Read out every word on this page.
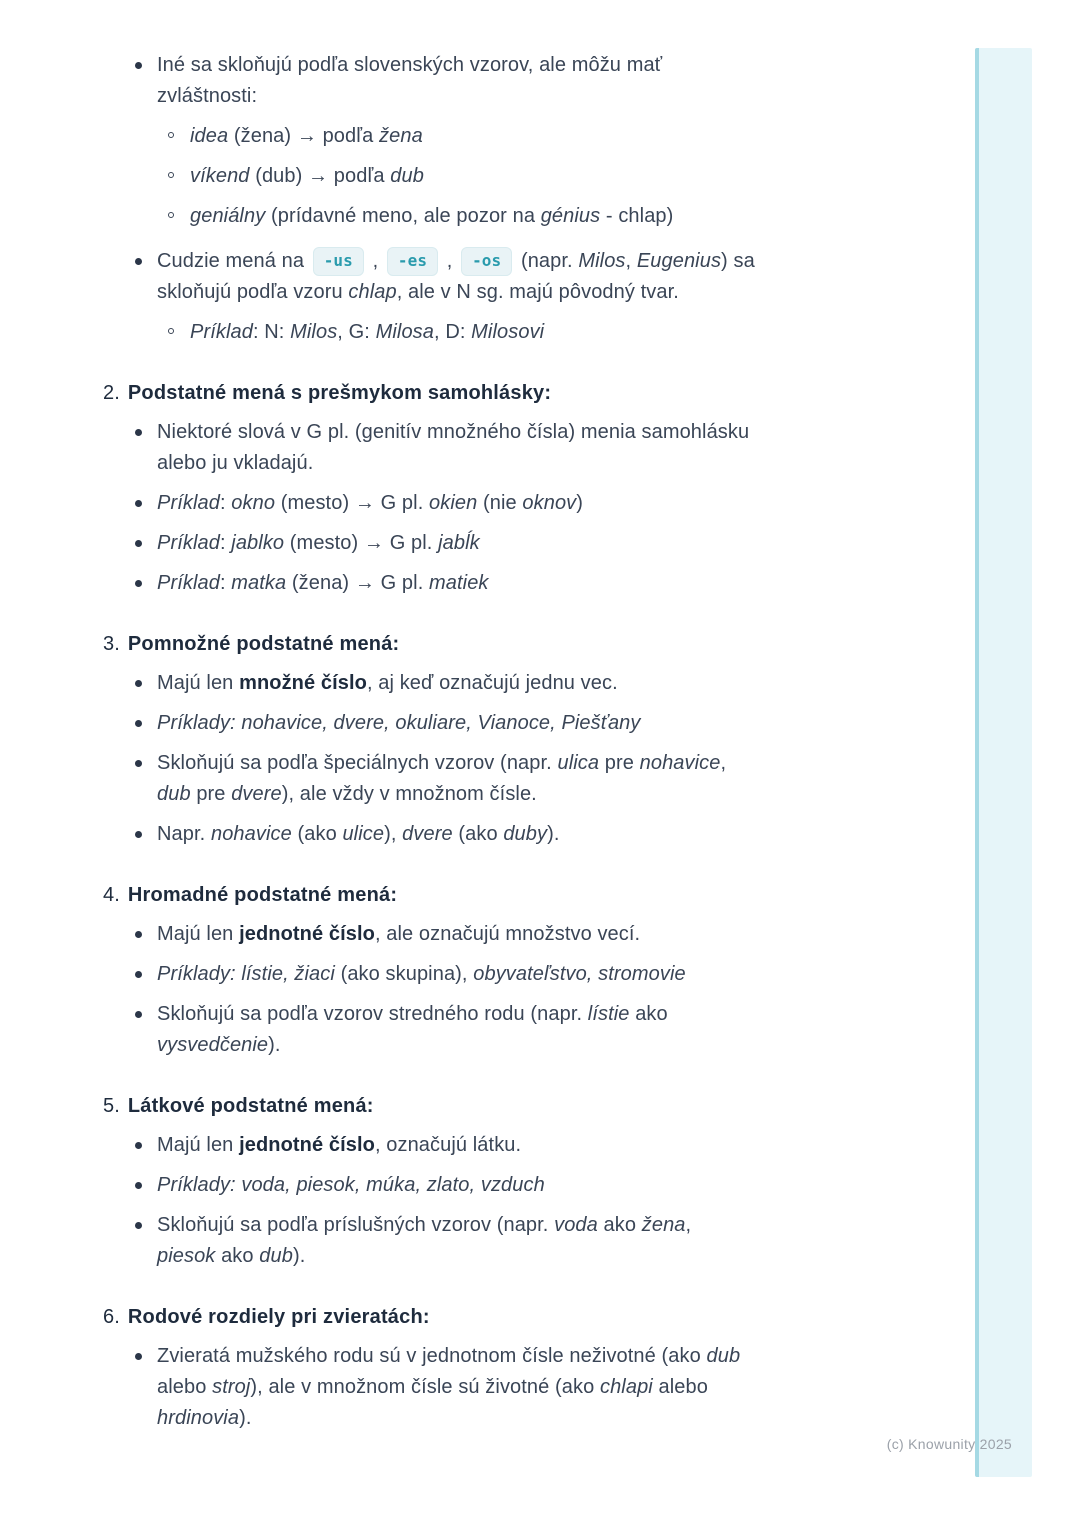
Iné sa skloňujú podľa slovenských vzorov, ale môžu mať
zvláštnosti:
idea (žena) → podľa žena
víkend (dub) → podľa dub
geniálny (prídavné meno, ale pozor na génius - chlap)
Cudzie mená na -us , -es , -os (napr. Milos, Eugenius) sa
skloňujú podľa vzoru chlap, ale v N sg. majú pôvodný tvar.
Príklad: N: Milos, G: Milosa, D: Milosovi
2. Podstatné mená s prešmykom samohlásky:
Niektoré slová v G pl. (genitív množného čísla) menia samohlásku
alebo ju vkladajú.
Príklad: okno (mesto) → G pl. okien (nie oknov)
Príklad: jablko (mesto) → G pl. jabĺk
Príklad: matka (žena) → G pl. matiek
3. Pomnožné podstatné mená:
Majú len množné číslo, aj keď označujú jednu vec.
Príklady: nohavice, dvere, okuliare, Vianoce, Piešťany
Skloňujú sa podľa špeciálnych vzorov (napr. ulica pre nohavice,
dub pre dvere), ale vždy v množnom čísle.
Napr. nohavice (ako ulice), dvere (ako duby).
4. Hromadné podstatné mená:
Majú len jednotné číslo, ale označujú množstvo vecí.
Príklady: lístie, žiaci (ako skupina), obyvateľstvo, stromovie
Skloňujú sa podľa vzorov stredného rodu (napr. lístie ako
vysvedčenie).
5. Látkové podstatné mená:
Majú len jednotné číslo, označujú látku.
Príklady: voda, piesok, múka, zlato, vzduch
Skloňujú sa podľa príslušných vzorov (napr. voda ako žena,
piesok ako dub).
6. Rodové rozdiely pri zvieratách:
Zvieratá mužského rodu sú v jednotnom čísle neživotné (ako dub
alebo stroj), ale v množnom čísle sú životné (ako chlapi alebo
hrdinovia).
(c) Knowunity 2025
